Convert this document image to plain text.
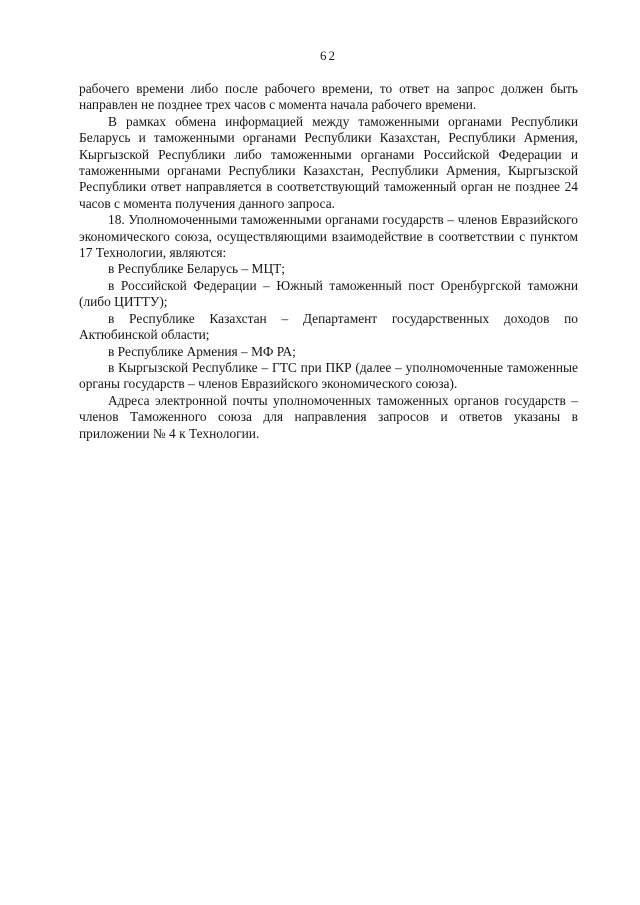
62

рабочего времени либо после рабочего времени, то ответ на запрос должен быть направлен не позднее трех часов с момента начала рабочего времени.

В рамках обмена информацией между таможенными органами Республики Беларусь и таможенными органами Республики Казахстан, Республики Армения, Кыргызской Республики либо таможенными органами Российской Федерации и таможенными органами Республики Казахстан, Республики Армения, Кыргызской Республики ответ направляется в соответствующий таможенный орган не позднее 24 часов с момента получения данного запроса.

18. Уполномоченными таможенными органами государств – членов Евразийского экономического союза, осуществляющими взаимодействие в соответствии с пунктом 17 Технологии, являются:

в Республике Беларусь – МЦТ;

в Российской Федерации – Южный таможенный пост Оренбургской таможни (либо ЦИТТУ);

в Республике Казахстан – Департамент государственных доходов по Актюбинской области;

в Республике Армения – МФ РА;

в Кыргызской Республике – ГТС при ПКР (далее – уполномоченные таможенные органы государств – членов Евразийского экономического союза).

Адреса электронной почты уполномоченных таможенных органов государств – членов Таможенного союза для направления запросов и ответов указаны в приложении № 4 к Технологии.
